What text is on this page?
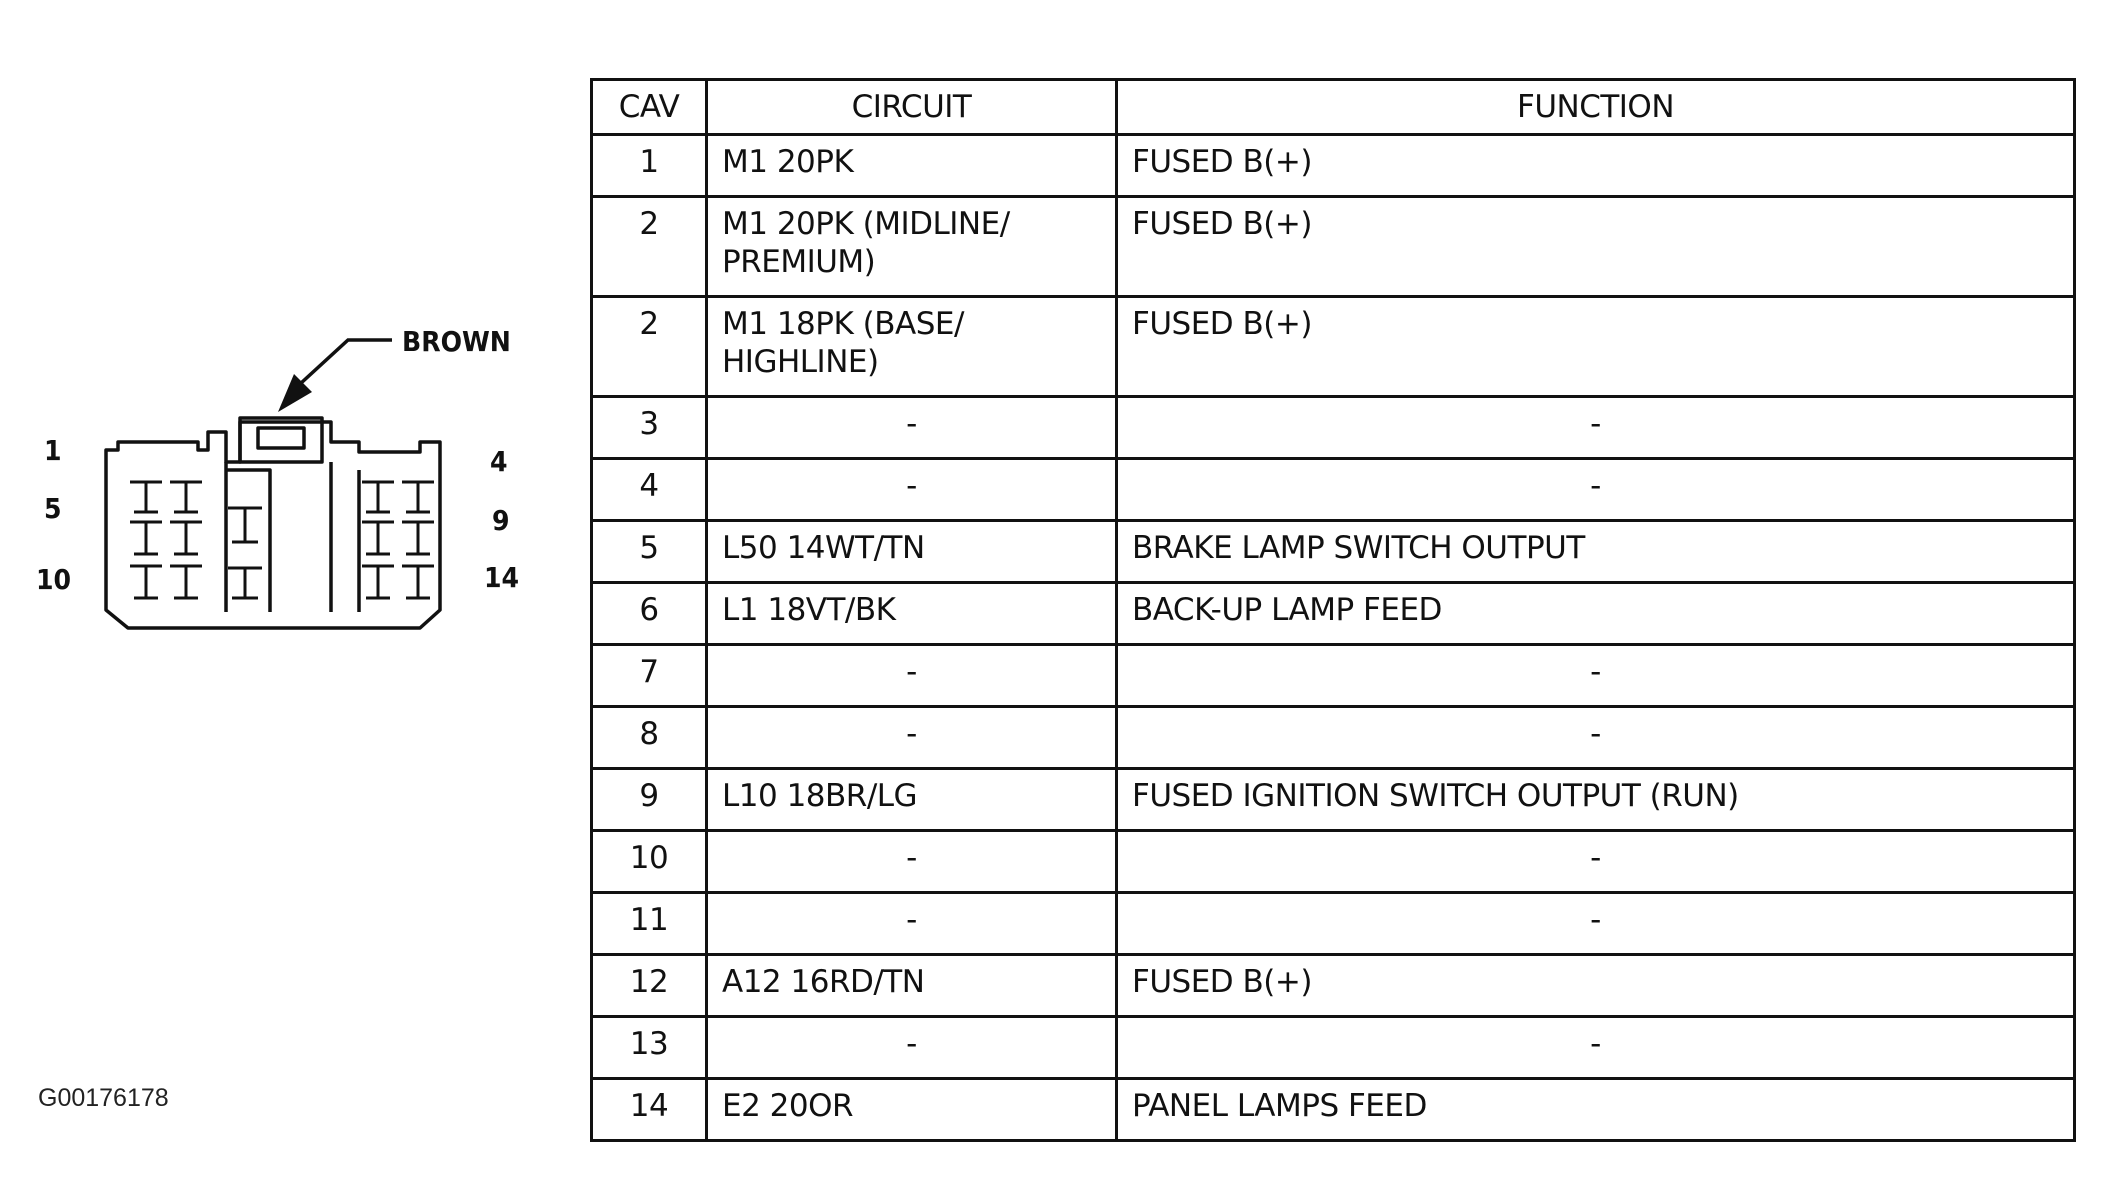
BROWN
1	4
5	9
10	14
G00176178
CAV	CIRCUIT	FUNCTION
1	M1 20PK	FUSED B(+)
2	M1 20PK (MIDLINE/ PREMIUM)	FUSED B(+)
2	M1 18PK (BASE/ HIGHLINE)	FUSED B(+)
3	-	-
4	-	-
5	L50 14WT/TN	BRAKE LAMP SWITCH OUTPUT
6	L1 18VT/BK	BACK-UP LAMP FEED
7	-	-
8	-	-
9	L10 18BR/LG	FUSED IGNITION SWITCH OUTPUT (RUN)
10	-	-
11	-	-
12	A12 16RD/TN	FUSED B(+)
13	-	-
14	E2 20OR	PANEL LAMPS FEED
